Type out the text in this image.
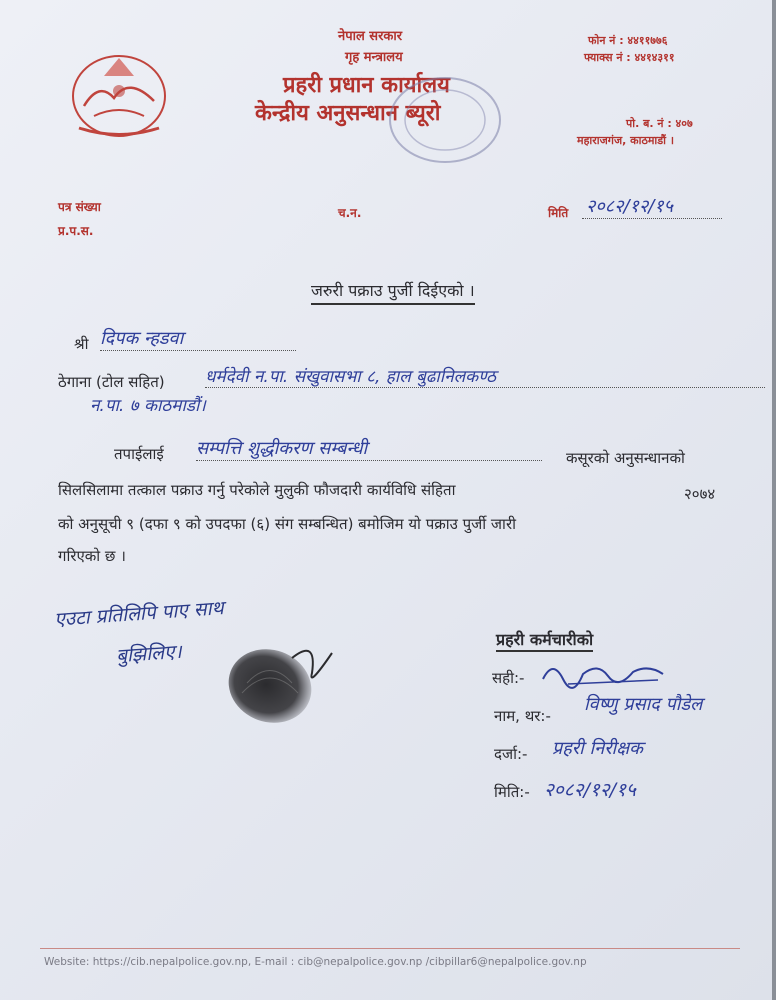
नेपाल सरकार
गृह मन्त्रालय
प्रहरी प्रधान कार्यालय
केन्द्रीय अनुसन्धान ब्यूरो
फोन नं : ४४११७७६
फ्याक्स नं : ४४१४३११
पो. ब. नं : ४०७
महाराजगंज, काठमाडौं ।
पत्र संख्या
प्र.प.स.
च.न.	मिति २०८२/१२/१५
जरुरी पक्राउ पुर्जी दिईएको ।
श्री दिपक न्हडवा
ठेगाना (टोल सहित) धर्मदेवी न.पा. संखुवासभा ८, हाल बुढानिलकण्ठ
न.पा. ७ काठमाडौं।
तपाईलाई सम्पत्ति शुद्धीकरण सम्बन्धी	कसूरको अनुसन्धानको
सिलसिलामा तत्काल पक्राउ गर्नु परेकोले मुलुकी फौजदारी कार्यविधि संहिता	२०७४
को अनुसूची ९ (दफा ९ को उपदफा (६) संग सम्बन्धित) बमोजिम यो पक्राउ पुर्जी जारी
गरिएको छ ।
एउटा प्रतिलिपि पाए साथ
बुझिलिए।
प्रहरी कर्मचारीको
सही:-
नाम, थर:-
विष्णु प्रसाद पौडेल
दर्जा:- प्रहरी निरीक्षक
मिति:- २०८२/१२/१५
Website: https://cib.nepalpolice.gov.np, E-mail : cib@nepalpolice.gov.np /cibpillar6@nepalpolice.gov.np
